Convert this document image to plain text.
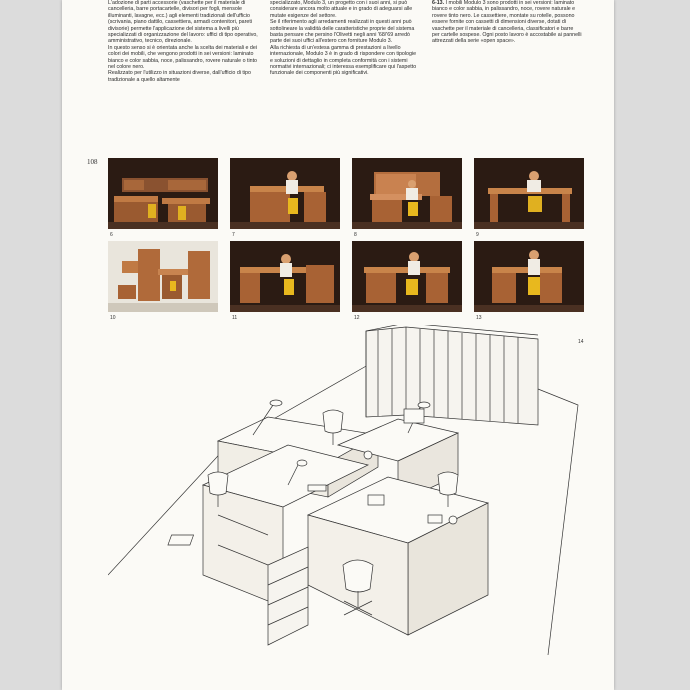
L'adozione di parti accessorie (vaschette per il materiale di cancelleria, barre portacartelle, divisori per fogli, mensole illuminanti, lavagne, ecc.) agli elementi tradizionali dell'ufficio (scrivania, piano dattilo, cassettiera, armadi contenitori, pareti divisorie) permette l'applicazione del sistema a livelli più specializzati di organizzazione del lavoro: uffici di tipo operativo, amministrativo, tecnico, direzionale.
In questo senso si è orientata anche la scelta dei materiali e dei colori dei mobili, che vengono prodotti in sei versioni: laminato bianco e color sabbia, noce, palissandro, rovere naturale o tinto nel colore nero.
Realizzato per l'utilizzo in situazioni diverse, dall'ufficio di tipo tradizionale a quello altamente
specializzato, Modulo 3, un progetto con i suoi anni, si può considerare ancora molto attuale e in grado di adeguarsi alle mutate esigenze del settore.
Se il riferimento agli arredamenti realizzati in questi anni può sottolineare la validità delle caratteristiche proprie del sistema basta pensare che persino l'Olivetti negli anni '68/'69 arredò parte dei suoi uffici all'estero con forniture Modulo 3.
Alla richiesta di un'estesa gamma di prestazioni a livello internazionale, Modulo 3 è in grado di rispondere con tipologie e soluzioni di dettaglio in completa conformità con i sistemi normativi internazionali; ci interessa esemplificare qui l'aspetto funzionale dei componenti più significativi.
6-13. I mobili Modulo 3 sono prodotti in sei versioni: laminato bianco e color sabbia, in palissandro, noce, rovere naturale e rovere tinto nero. Le cassettiere, montate su rotelle, possono essere fornite con cassetti di dimensioni diverse, dotati di vaschette per il materiale di cancelleria, classificatori e barre per cartelle sospese. Ogni posto lavoro è accostabile ai pannelli attrezzati della serie «open space».
108
6	7	8	9
10	11	12	13
14
